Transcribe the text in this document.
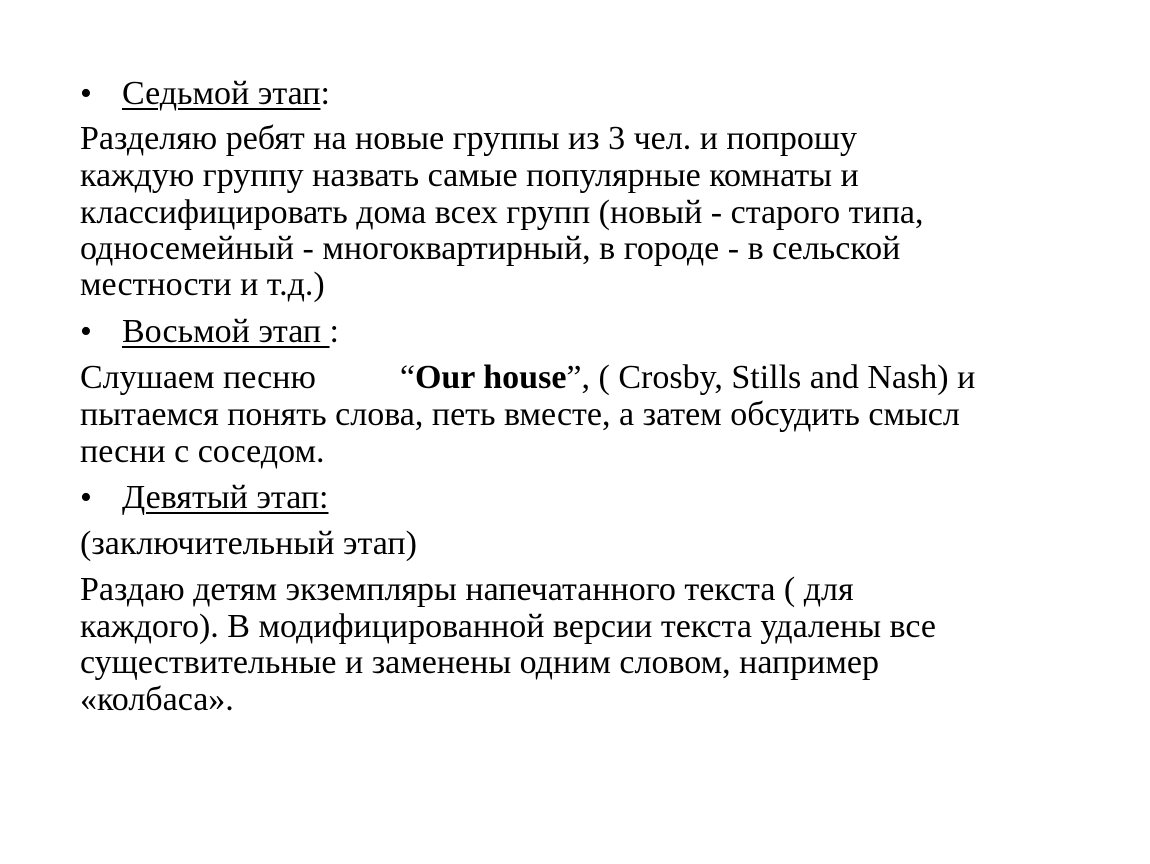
• Седьмой этап:
Разделяю ребят на новые группы из 3 чел. и попрошу
каждую группу назвать самые популярные комнаты и
классифицировать дома всех групп (новый - старого типа,
односемейный - многоквартирный, в городе - в сельской
местности и т.д.)
• Восьмой этап :
Слушаем песню “Our house”, ( Crosby, Stills and Nash) и
пытаемся понять слова, петь вместе, а затем обсудить смысл
песни с соседом.
• Девятый этап:
(заключительный этап)
Раздаю детям экземпляры напечатанного текста ( для
каждого). В модифицированной версии текста удалены все
существительные и заменены одним словом, например
«колбаса».
